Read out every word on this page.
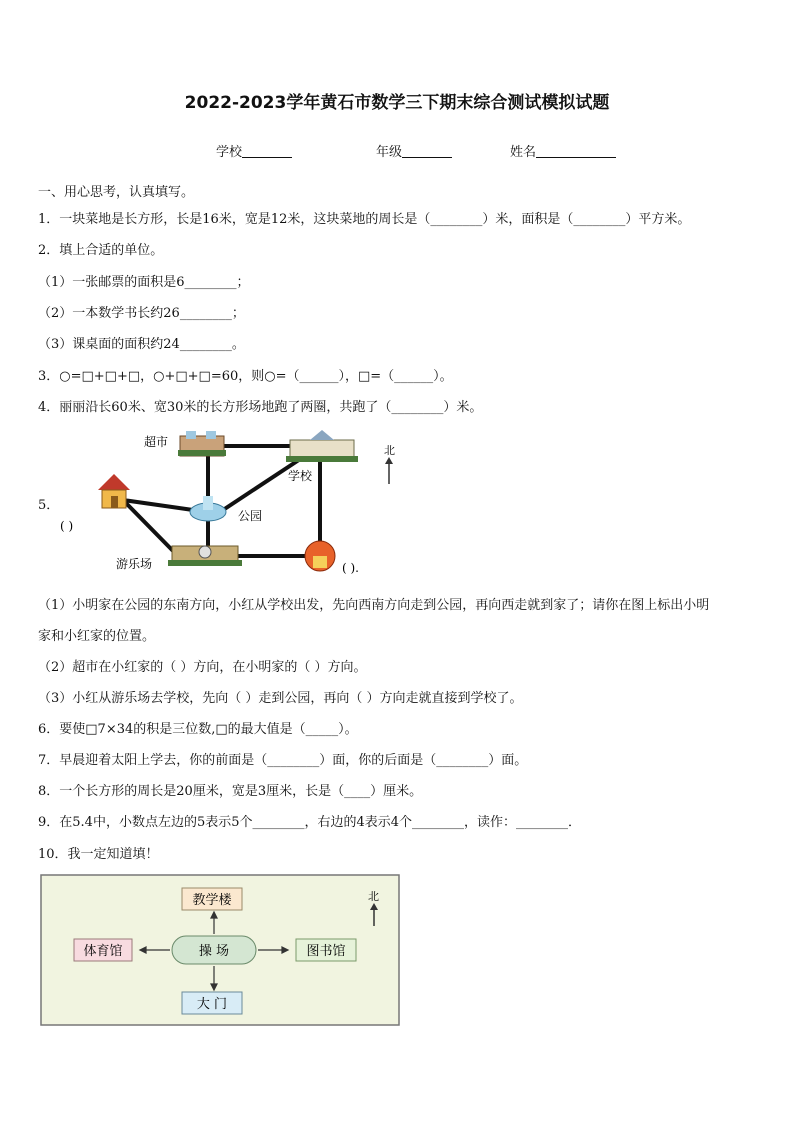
2022-2023学年黄石市数学三下期末综合测试模拟试题
学校	年级	姓名
一、用心思考，认真填写。
1．一块菜地是长方形，长是16米，宽是12米，这块菜地的周长是（________）米，面积是（________）平方米。
2．填上合适的单位。
（1）一张邮票的面积是6________；
（2）一本数学书长约26________；
（3）课桌面的面积约24________。
3．○=□+□+□，○+□+□=60，则○=（______），□=（______）。
4．丽丽沿长60米、宽30米的长方形场地跑了两圈，共跑了（________）米。
5．
超市
学校
公园
游乐场
( )
( ).
北
（1）小明家在公园的东南方向，小红从学校出发，先向西南方向走到公园，再向西走就到家了；请你在图上标出小明
家和小红家的位置。
（2）超市在小红家的（ ）方向，在小明家的（ ）方向。
（3）小红从游乐场去学校，先向（ ）走到公园，再向（ ）方向走就直接到学校了。
6．要使□7×34的积是三位数,□的最大值是（_____）。
7．早晨迎着太阳上学去，你的前面是（________）面，你的后面是（________）面。
8．一个长方形的周长是20厘米，宽是3厘米，长是（____）厘米。
9．在5.4中，小数点左边的5表示5个________，右边的4表示4个________，读作：________．
10．我一定知道填！
教学楼
操 场
体育馆	图书馆
大 门
北
